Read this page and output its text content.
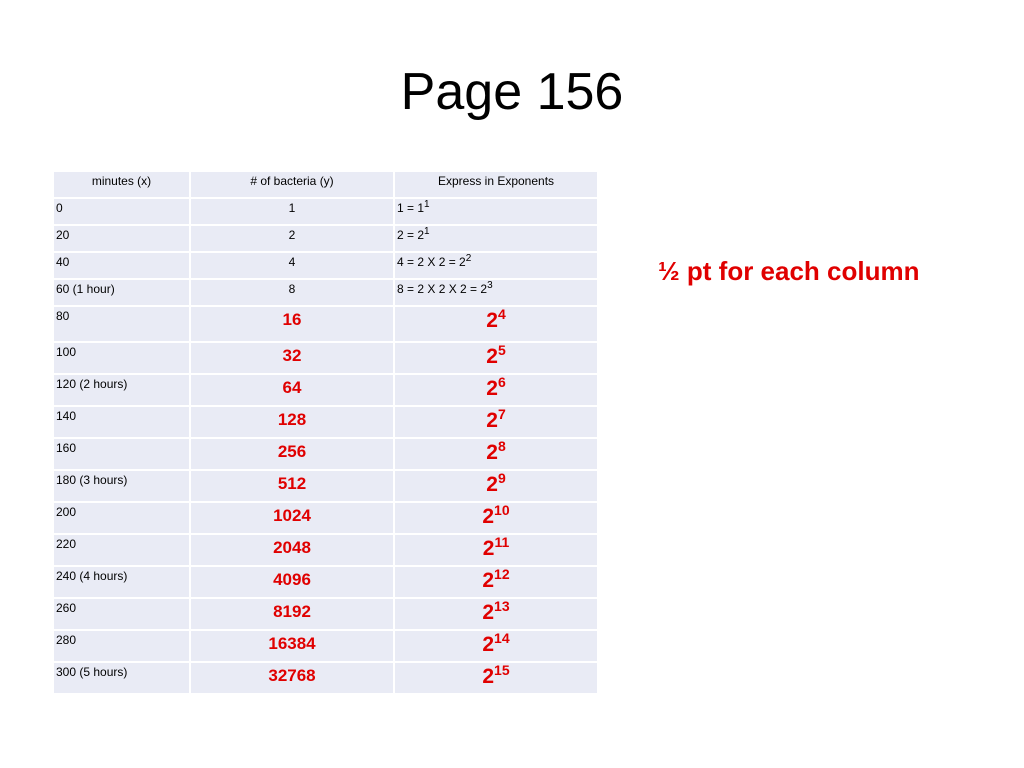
Page 156
minutes (x)	# of bacteria (y)	Express in Exponents
0	1	$1 = 1^1$
20	2	$2 = 2^1$
40	4	4 = 2 X $2 = 2^2$
60 (1 hour)	8	8 = 2 X 2 X $2 = 2^3$
80	16	$2^4$
100	32	$2^5$
120 (2 hours)	64	$2^6$
140	128	$2^7$
160	256	$2^8$
180 (3 hours)	512	$2^9$
200	1024	$2^{10}$
220	2048	$2^{11}$
240 (4 hours)	4096	$2^{12}$
260	8192	$2^{13}$
280	16384	$2^{14}$
300 (5 hours)	32768	$2^{15}$
½ pt for each column
